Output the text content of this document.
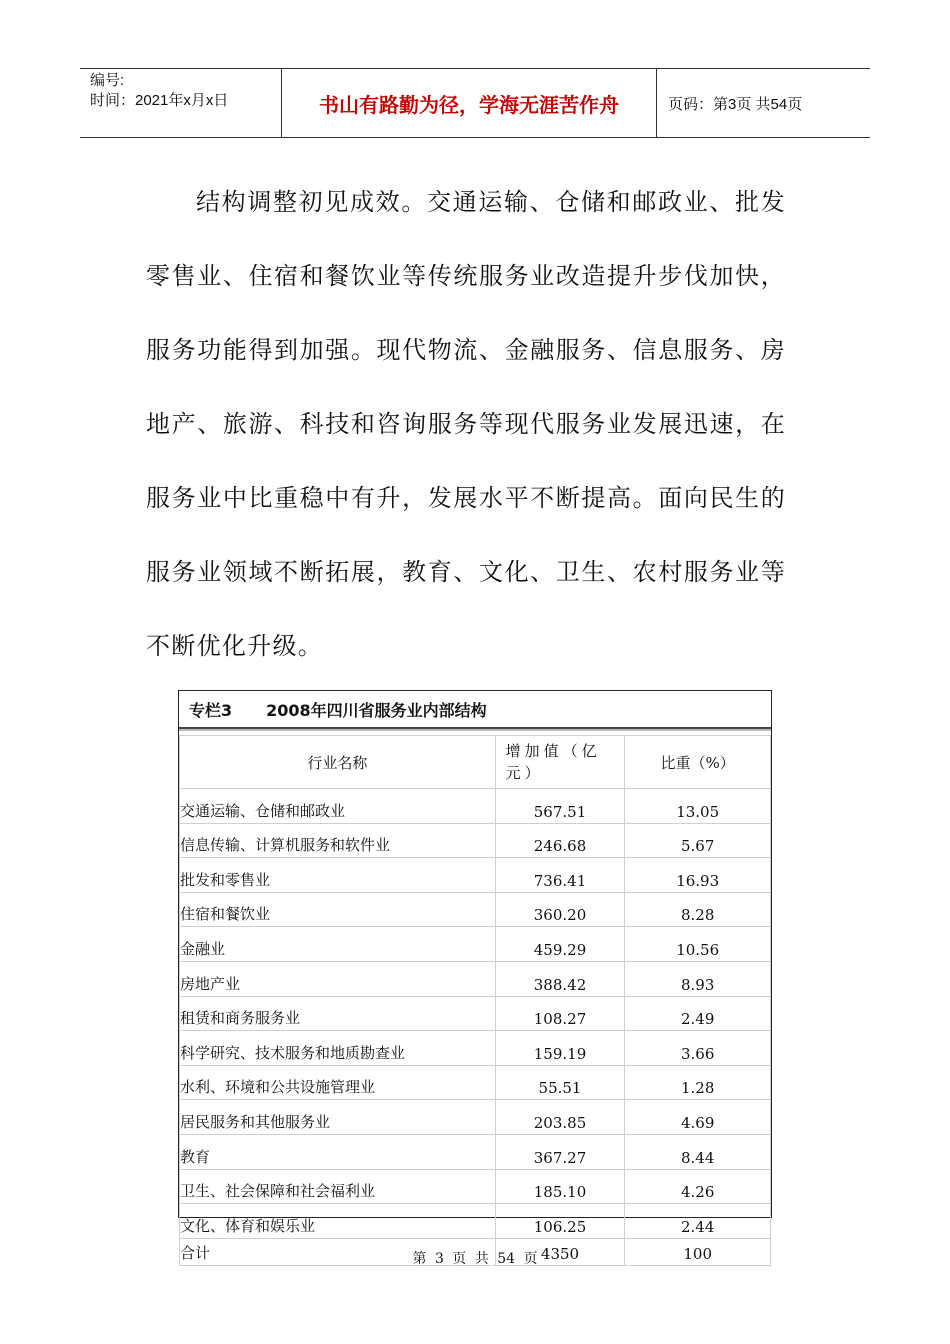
编号:
时间：2021年x月x日	书山有路勤为径，学海无涯苦作舟	页码：第3页 共54页

结构调整初见成效。交通运输、仓储和邮政业、批发零售业、住宿和餐饮业等传统服务业改造提升步伐加快，服务功能得到加强。现代物流、金融服务、信息服务、房地产、旅游、科技和咨询服务等现代服务业发展迅速，在服务业中比重稳中有升，发展水平不断提高。面向民生的服务业领域不断拓展，教育、文化、卫生、农村服务业等不断优化升级。

专栏3 2008年四川省服务业内部结构
行业名称	增加值（亿元）	比重（%）
交通运输、仓储和邮政业	567.51	13.05
信息传输、计算机服务和软件业	246.68	5.67
批发和零售业	736.41	16.93
住宿和餐饮业	360.20	8.28
金融业	459.29	10.56
房地产业	388.42	8.93
租赁和商务服务业	108.27	2.49
科学研究、技术服务和地质勘查业	159.19	3.66
水利、环境和公共设施管理业	55.51	1.28
居民服务和其他服务业	203.85	4.69
教育	367.27	8.44
卫生、社会保障和社会福利业	185.10	4.26
文化、体育和娱乐业	106.25	2.44
合计	4350	100
第 3 页 共 54 页
